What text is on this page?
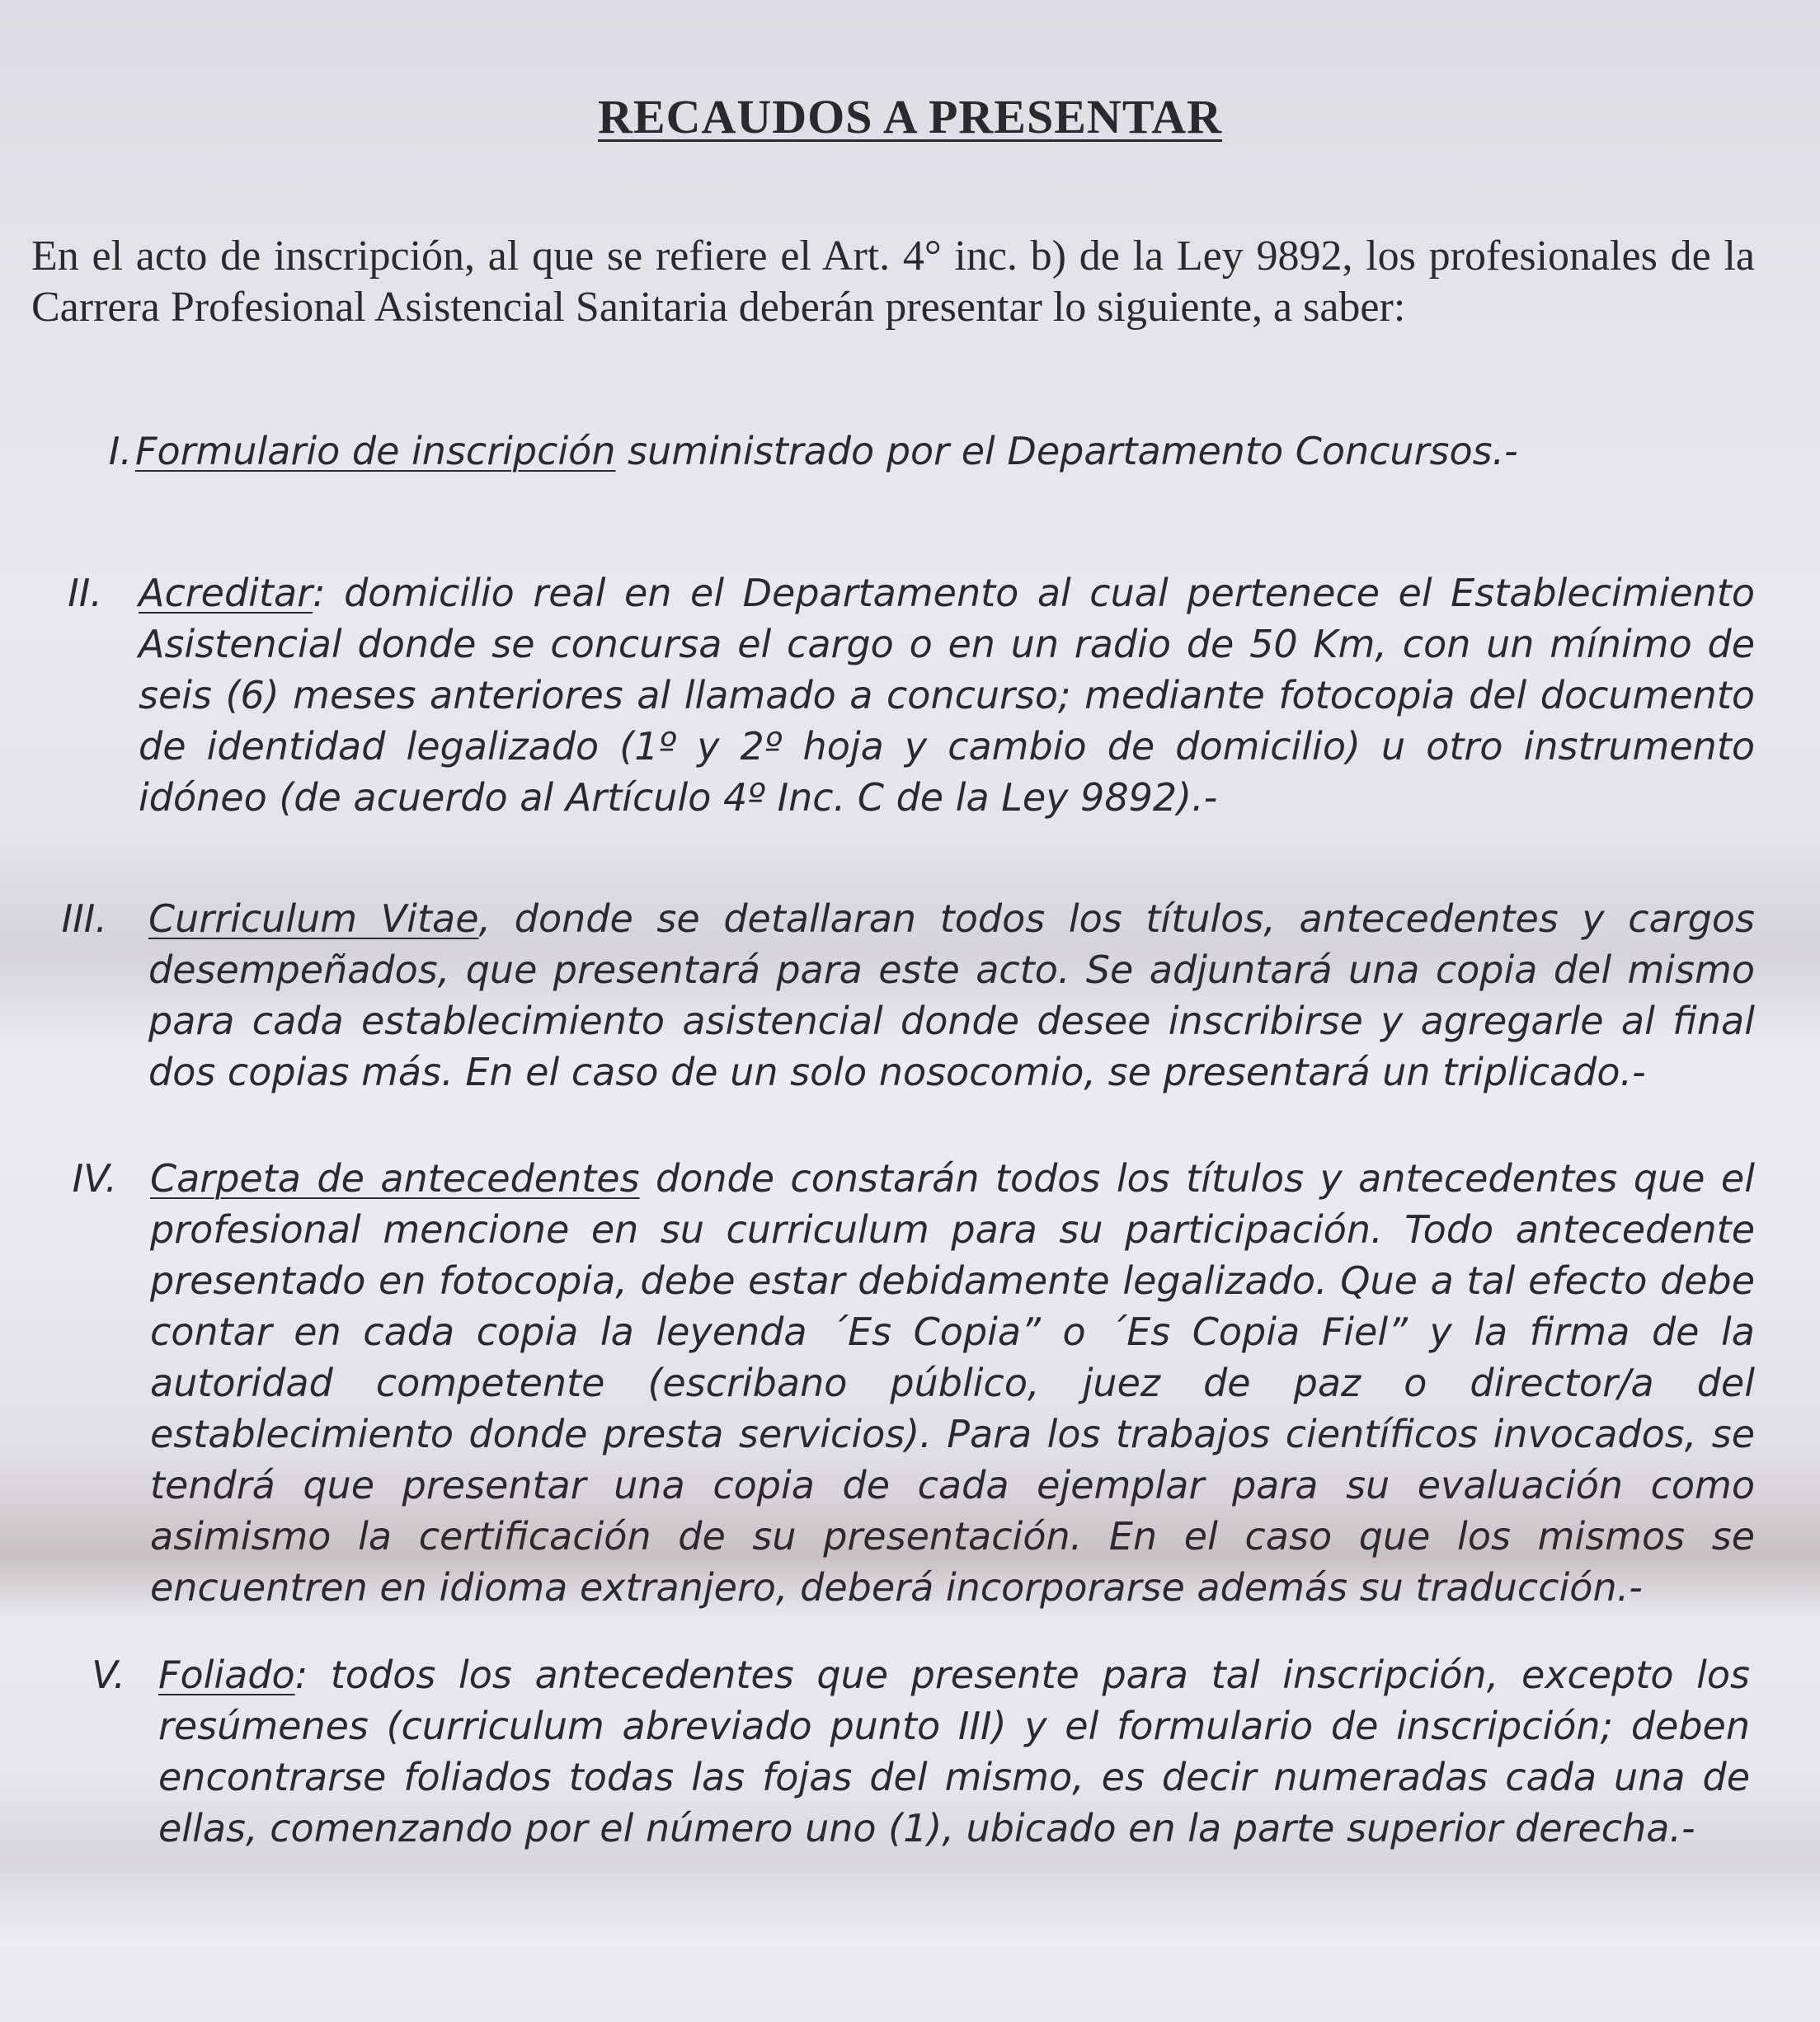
RECAUDOS A PRESENTAR
En el acto de inscripción, al que se refiere el Art. 4° inc. b) de la Ley 9892, los profesionales de la Carrera Profesional Asistencial Sanitaria deberán presentar lo siguiente, a saber:
I. Formulario de inscripción suministrado por el Departamento Concursos.-
II. Acreditar: domicilio real en el Departamento al cual pertenece el Establecimiento Asistencial donde se concursa el cargo o en un radio de 50 Km, con un mínimo de seis (6) meses anteriores al llamado a concurso; mediante fotocopia del documento de identidad legalizado (1º y 2º hoja y cambio de domicilio) u otro instrumento idóneo (de acuerdo al Artículo 4º Inc. C de la Ley 9892).-
III. Curriculum Vitae, donde se detallaran todos los títulos, antecedentes y cargos desempeñados, que presentará para este acto. Se adjuntará una copia del mismo para cada establecimiento asistencial donde desee inscribirse y agregarle al final dos copias más. En el caso de un solo nosocomio, se presentará un triplicado.-
IV. Carpeta de antecedentes donde constarán todos los títulos y antecedentes que el profesional mencione en su curriculum para su participación. Todo antecedente presentado en fotocopia, debe estar debidamente legalizado. Que a tal efecto debe contar en cada copia la leyenda ´Es Copia” o ´Es Copia Fiel” y la firma de la autoridad competente (escribano público, juez de paz o director/a del establecimiento donde presta servicios). Para los trabajos científicos invocados, se tendrá que presentar una copia de cada ejemplar para su evaluación como asimismo la certificación de su presentación. En el caso que los mismos se encuentren en idioma extranjero, deberá incorporarse además su traducción.-
V. Foliado: todos los antecedentes que presente para tal inscripción, excepto los resúmenes (curriculum abreviado punto III) y el formulario de inscripción; deben encontrarse foliados todas las fojas del mismo, es decir numeradas cada una de ellas, comenzando por el número uno (1), ubicado en la parte superior derecha.-
